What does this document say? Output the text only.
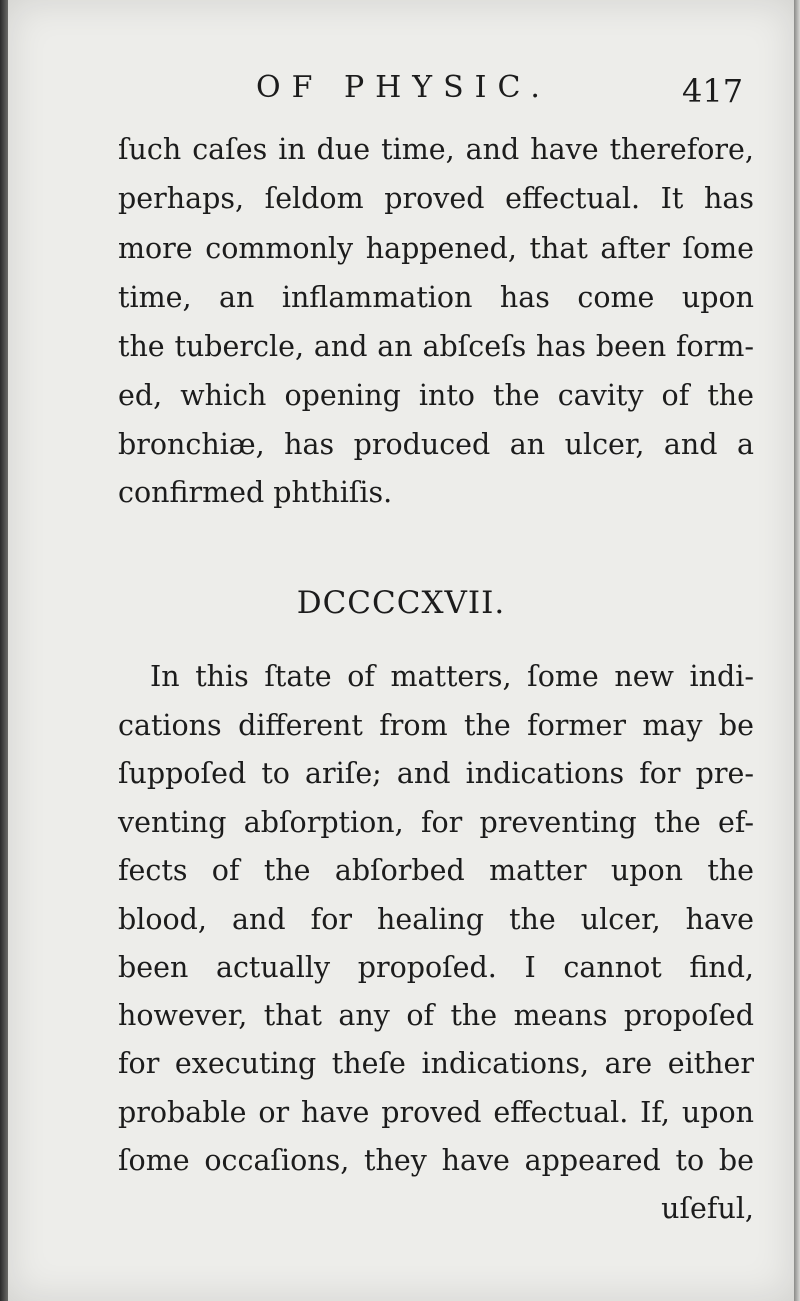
OF PHYSIC.	417
ſuch caſes in due time, and have therefore,
perhaps, ſeldom proved effectual. It has
more commonly happened, that after ſome
time, an inflammation has come upon
the tubercle, and an abſceſs has been form-
ed, which opening into the cavity of the
bronchiæ, has produced an ulcer, and a
confirmed phthiſis.
DCCCCXVII.
In this ſtate of matters, ſome new indi-
cations different from the former may be
ſuppoſed to ariſe; and indications for pre-
venting abſorption, for preventing the ef-
fects of the abſorbed matter upon the
blood, and for healing the ulcer, have
been actually propoſed. I cannot find,
however, that any of the means propoſed
for executing theſe indications, are either
probable or have proved effectual. If, upon
ſome occaſions, they have appeared to be
uſeful,
